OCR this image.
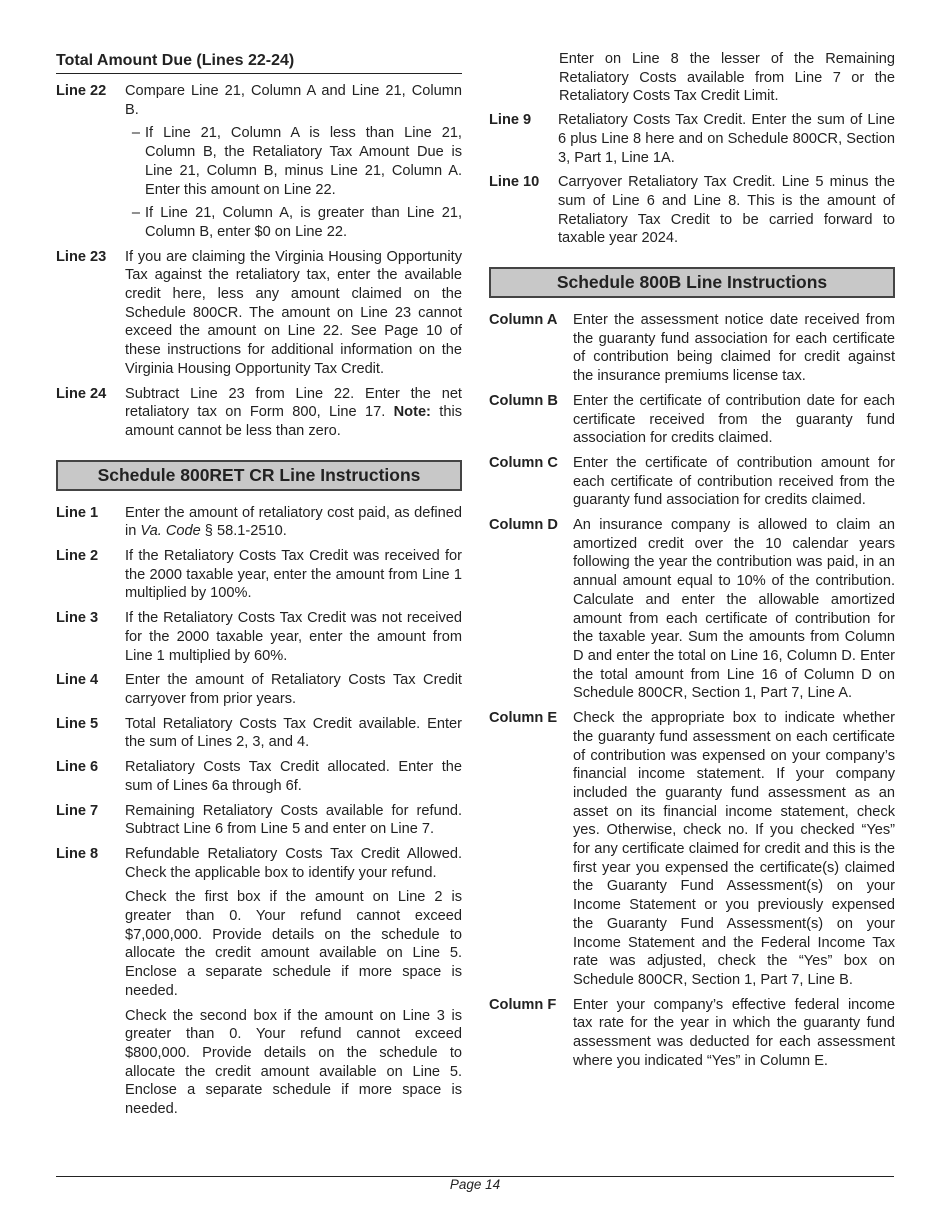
Total Amount Due (Lines 22-24)
Line 22	Compare Line 21, Column A and Line 21, Column B.
– If Line 21, Column A is less than Line 21, Column B, the Retaliatory Tax Amount Due is Line 21, Column B, minus Line 21, Column A. Enter this amount on Line 22.
– If Line 21, Column A, is greater than Line 21, Column B, enter $0 on Line 22.
Line 23	If you are claiming the Virginia Housing Opportunity Tax against the retaliatory tax, enter the available credit here, less any amount claimed on the Schedule 800CR. The amount on Line 23 cannot exceed the amount on Line 22. See Page 10 of these instructions for additional information on the Virginia Housing Opportunity Tax Credit.
Line 24	Subtract Line 23 from Line 22. Enter the net retaliatory tax on Form 800, Line 17. Note: this amount cannot be less than zero.
Schedule 800RET CR Line Instructions
Line 1	Enter the amount of retaliatory cost paid, as defined in Va. Code § 58.1-2510.
Line 2	If the Retaliatory Costs Tax Credit was received for the 2000 taxable year, enter the amount from Line 1 multiplied by 100%.
Line 3	If the Retaliatory Costs Tax Credit was not received for the 2000 taxable year, enter the amount from Line 1 multiplied by 60%.
Line 4	Enter the amount of Retaliatory Costs Tax Credit carryover from prior years.
Line 5	Total Retaliatory Costs Tax Credit available. Enter the sum of Lines 2, 3, and 4.
Line 6	Retaliatory Costs Tax Credit allocated. Enter the sum of Lines 6a through 6f.
Line 7	Remaining Retaliatory Costs available for refund. Subtract Line 6 from Line 5 and enter on Line 7.
Line 8	Refundable Retaliatory Costs Tax Credit Allowed. Check the applicable box to identify your refund.

Check the first box if the amount on Line 2 is greater than 0. Your refund cannot exceed $7,000,000. Provide details on the schedule to allocate the credit amount available on Line 5. Enclose a separate schedule if more space is needed.

Check the second box if the amount on Line 3 is greater than 0. Your refund cannot exceed $800,000. Provide details on the schedule to allocate the credit amount available on Line 5. Enclose a separate schedule if more space is needed.

Enter on Line 8 the lesser of the Remaining Retaliatory Costs available from Line 7 or the Retaliatory Costs Tax Credit Limit.
Line 9	Retaliatory Costs Tax Credit. Enter the sum of Line 6 plus Line 8 here and on Schedule 800CR, Section 3, Part 1, Line 1A.
Line 10	Carryover Retaliatory Tax Credit. Line 5 minus the sum of Line 6 and Line 8. This is the amount of Retaliatory Tax Credit to be carried forward to taxable year 2024.
Schedule 800B Line Instructions
Column A	Enter the assessment notice date received from the guaranty fund association for each certificate of contribution being claimed for credit against the insurance premiums license tax.
Column B	Enter the certificate of contribution date for each certificate received from the guaranty fund association for credits claimed.
Column C	Enter the certificate of contribution amount for each certificate of contribution received from the guaranty fund association for credits claimed.
Column D	An insurance company is allowed to claim an amortized credit over the 10 calendar years following the year the contribution was paid, in an annual amount equal to 10% of the contribution. Calculate and enter the allowable amortized amount from each certificate of contribution for the taxable year. Sum the amounts from Column D and enter the total on Line 16, Column D. Enter the total amount from Line 16 of Column D on Schedule 800CR, Section 1, Part 7, Line A.
Column E	Check the appropriate box to indicate whether the guaranty fund assessment on each certificate of contribution was expensed on your company’s financial income statement. If your company included the guaranty fund assessment as an asset on its financial income statement, check yes. Otherwise, check no. If you checked “Yes” for any certificate claimed for credit and this is the first year you expensed the certificate(s) claimed the Guaranty Fund Assessment(s) on your Income Statement or you previously expensed the Guaranty Fund Assessment(s) on your Income Statement and the Federal Income Tax rate was adjusted, check the “Yes” box on Schedule 800CR, Section 1, Part 7, Line B.
Column F	Enter your company’s effective federal income tax rate for the year in which the guaranty fund assessment was deducted for each assessment where you indicated “Yes” in Column E.
Page 14
